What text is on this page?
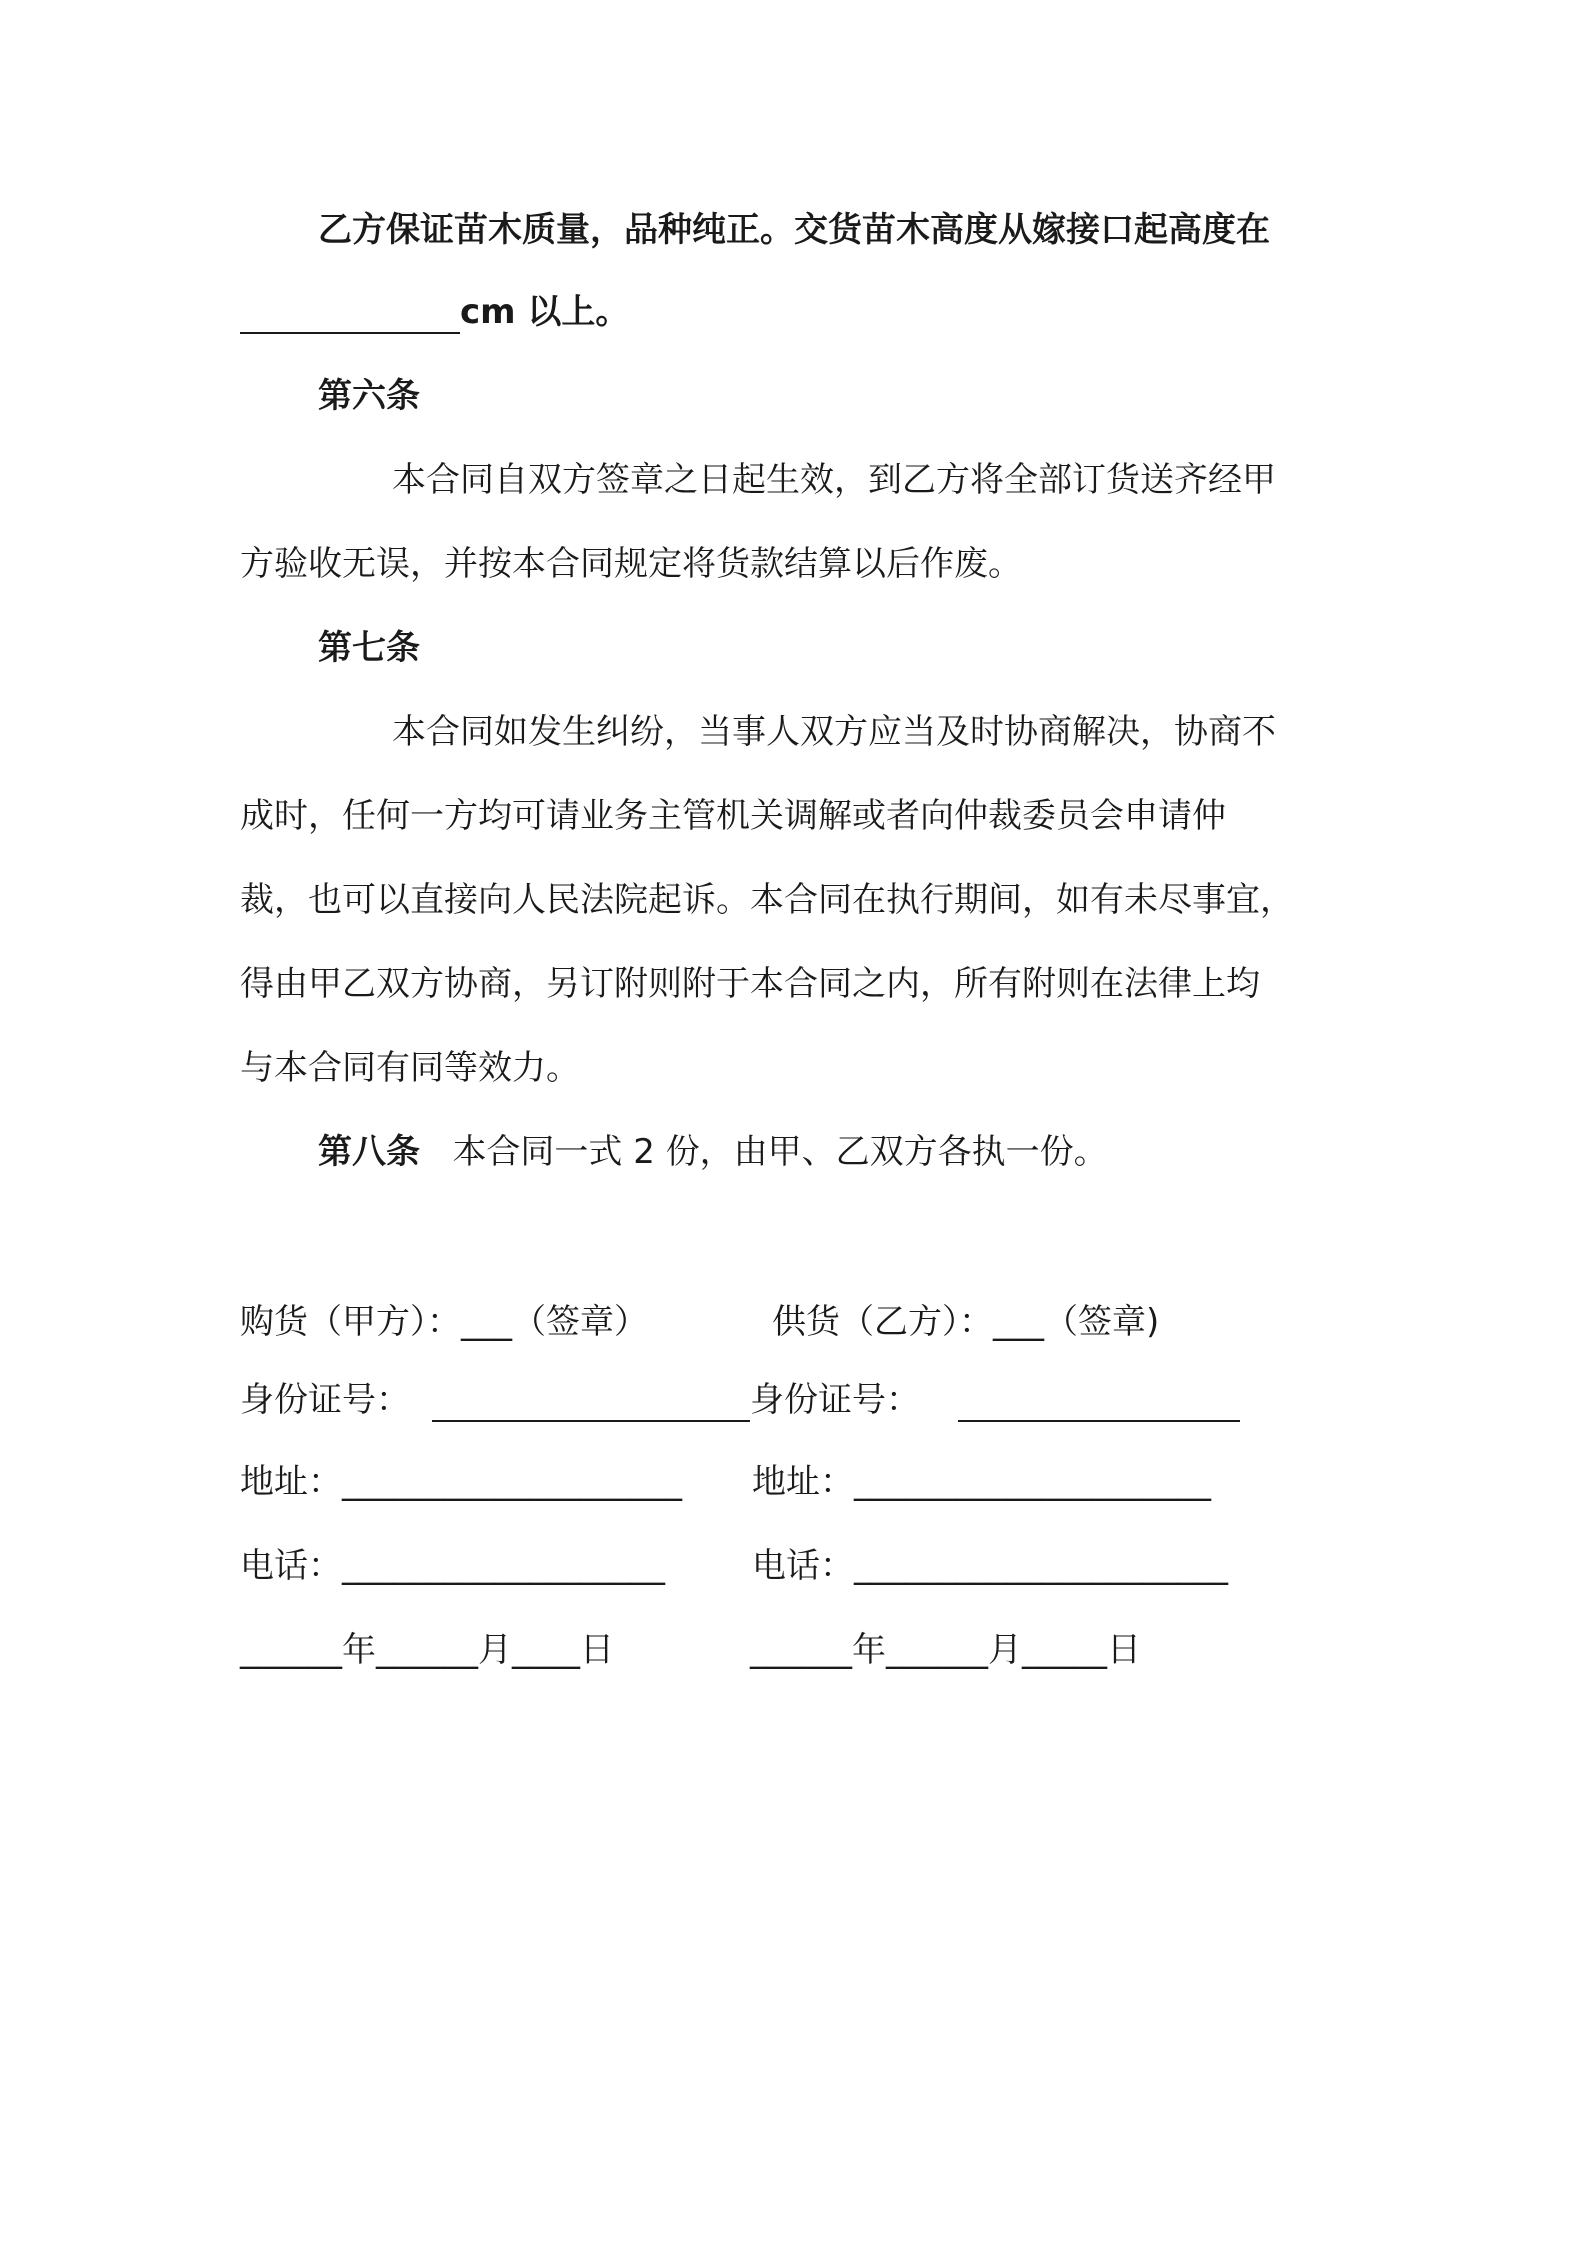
乙方保证苗木质量，品种纯正。交货苗木高度从嫁接口起高度在
cm 以上。
第六条
本合同自双方签章之日起生效，到乙方将全部订货送齐经甲
方验收无误，并按本合同规定将货款结算以后作废。
第七条
本合同如发生纠纷，当事人双方应当及时协商解决，协商不
成时，任何一方均可请业务主管机关调解或者向仲裁委员会申请仲
裁，也可以直接向人民法院起诉。本合同在执行期间，如有未尽事宜，
得由甲乙双方协商，另订附则附于本合同之内，所有附则在法律上均
与本合同有同等效力。
第八条 本合同一式 2 份，由甲、乙双方各执一份。
购货（甲方）：___（签章）	供货（乙方）：___（签章)
身份证号：	身份证号：
地址：____________________ 地址：_____________________
电话：___________________	电话：______________________
______年______月____日	______年______月_____日
